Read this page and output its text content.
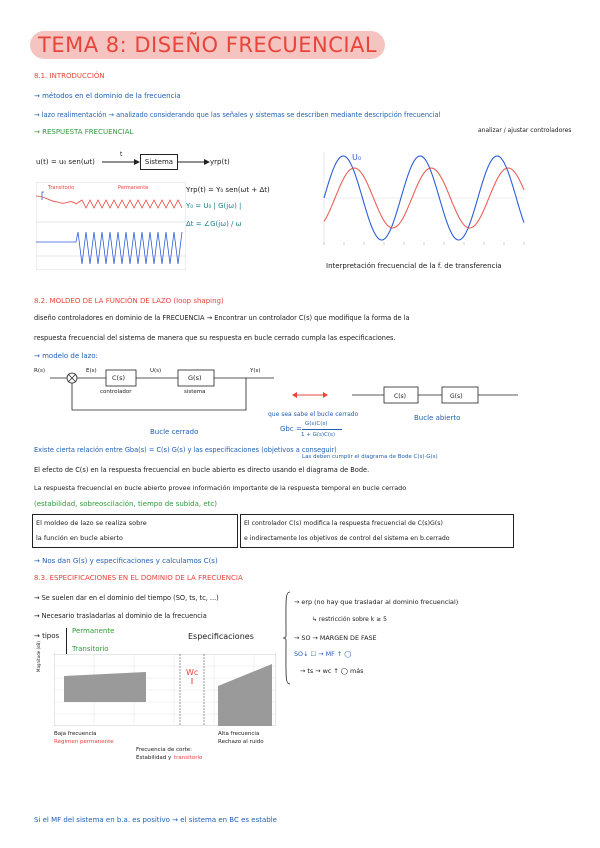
TEMA 8: DISEÑO FRECUENCIAL
8.1. INTRODUCCIÓN
→ métodos en el dominio de la frecuencia
→ lazo realimentación → analizado considerando que las señales y sistemas se describen mediante descripción frecuencial
analizar / ajustar controladores
→ RESPUESTA FRECUENCIAL
u(t) = u₀ sen(ωt)
t
Sistema	yrp(t)
Transitorio	Permanente	Yrp(t) = Y₀ sen(ωt + Δt)
Y₀ = U₀ | G(jω) |
Δt = ∠G(jω) / ω
U₀
Interpretación frecuencial de la f. de transferencia
8.2. MOLDEO DE LA FUNCIÓN DE LAZO (loop shaping)
diseño controladores en dominio de la FRECUENCIA → Encontrar un controlador C(s) que modifique la forma de la
respuesta frecuencial del sistema de manera que su respuesta en bucle cerrado cumpla las especificaciones.
→ modelo de lazo:
R(s)	E(s)
C(s)
controlador
U(s)
G(s)
sistema
Y(s)
Bucle cerrado
que sea sabe el bucle cerrado
Gbc =
G(s)C(s)
1 + G(s)C(s)
C(s)	G(s)
Bucle abierto
Existe cierta relación entre Gba(s) = C(s) G(s) y las especificaciones (objetivos a conseguir)
Las deben cumplir el diagrama de Bode C(s)·G(s)
El efecto de C(s) en la respuesta frecuencial en bucle abierto es directo usando el diagrama de Bode.
La respuesta frecuencial en bucle abierto provee información importante de la respuesta temporal en bucle cerrado
(estabilidad, sobreoscilación, tiempo de subida, etc)
El moldeo de lazo se realiza sobre
la función en bucle abierto
El controlador C(s) modifica la respuesta frecuencial de C(s)G(s)
e indirectamente los objetivos de control del sistema en b.cerrado
→ Nos dan G(s) y especificaciones y calculamos C(s)
8.3. ESPECIFICACIONES EN EL DOMINIO DE LA FRECUENCIA
→ Se suelen dar en el dominio del tiempo (SO, ts, tc, ...)
→ Necesario trasladarlas al dominio de la frecuencia
→ tipos
Permanente
Transitorio
Especificaciones
Magnitude (dB)
Wc
Baja frecuencia
Régimen permanente
Frecuencia de corte:
Estabilidad y transitorio
Alta frecuencia
Rechazo al ruido
→ erp (no hay que trasladar al dominio frecuencial)
↳ restricción sobre k ≥ 5
→ SO → MARGEN DE FASE
SO↓ ☐ → MF ↑ ◯
→ ts → wc ↑ ◯ más
Si el MF del sistema en b.a. es positivo → el sistema en BC es estable
